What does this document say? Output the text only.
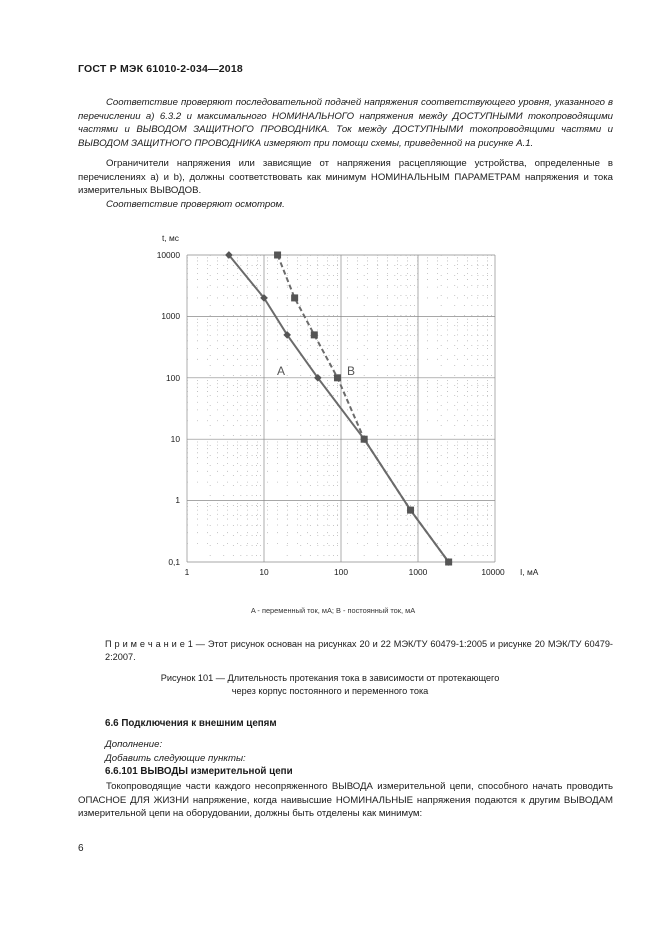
ГОСТ Р МЭК 61010-2-034—2018
Соответствие проверяют последовательной подачей напряжения соответствующего уровня, указанного в перечислении а) 6.3.2 и максимального НОМИНАЛЬНОГО напряжения между ДОСТУПНЫМИ токопроводящими частями и ВЫВОДОМ ЗАЩИТНОГО ПРОВОДНИКА. Ток между ДОСТУПНЫМИ токопроводящими частями и ВЫВОДОМ ЗАЩИТНОГО ПРОВОДНИКА измеряют при помощи схемы, приведенной на рисунке А.1.
Ограничители напряжения или зависящие от напряжения расцепляющие устройства, определенные в перечислениях а) и b), должны соответствовать как минимум НОМИНАЛЬНЫМ ПАРАМЕТРАМ напряжения и тока измерительных ВЫВОДОВ.
Соответствие проверяют осмотром.
t, мс
I, мА
10000
1000
100
10
1
0,1
1	10	100	1000	10000
A	B
A - переменный ток, мА; B - постоянный ток, мА
П р и м е ч а н и е 1 — Этот рисунок основан на рисунках 20 и 22 МЭК/ТУ 60479-1:2005 и рисунке 20 МЭК/ТУ 60479-2:2007.
Рисунок 101 — Длительность протекания тока в зависимости от протекающего
через корпус постоянного и переменного тока
6.6 Подключения к внешним цепям
Дополнение:
Добавить следующие пункты:
6.6.101 ВЫВОДЫ измерительной цепи
Токопроводящие части каждого несопряженного ВЫВОДА измерительной цепи, способного начать проводить ОПАСНОЕ ДЛЯ ЖИЗНИ напряжение, когда наивысшие НОМИНАЛЬНЫЕ напряжения подаются к другим ВЫВОДАМ измерительной цепи на оборудовании, должны быть отделены как минимум:
6
